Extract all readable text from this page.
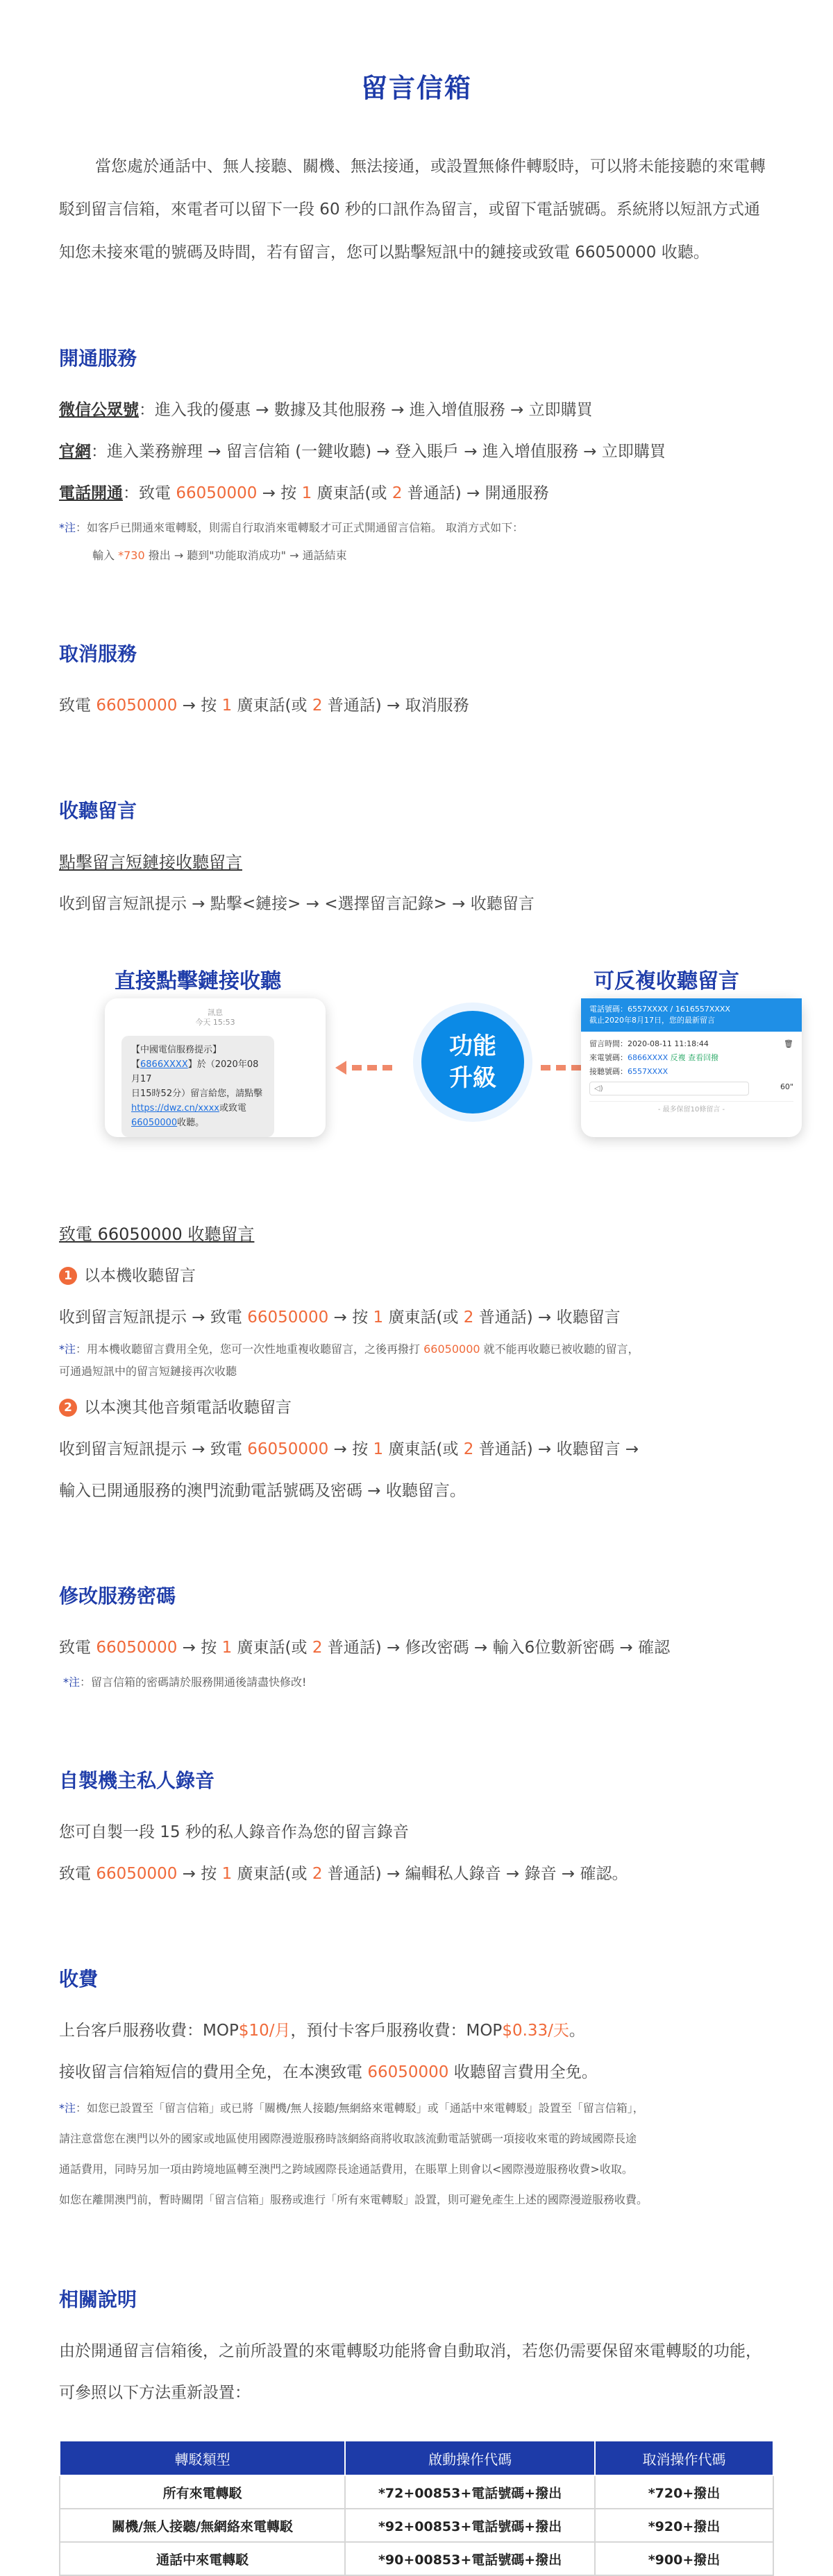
留言信箱

當您處於通話中、無人接聽、關機、無法接通，或設置無條件轉駁時，可以將未能接聽的來電轉駁到留言信箱，來電者可以留下一段 60 秒的口訊作為留言，或留下電話號碼。系統將以短訊方式通知您未接來電的號碼及時間，若有留言，您可以點擊短訊中的鏈接或致電 66050000 收聽。

開通服務
微信公眾號：進入我的優惠 → 數據及其他服務 → 進入增值服務 → 立即購買
官網：進入業務辦理 → 留言信箱 (一鍵收聽) → 登入賬戶 → 進入增值服務 → 立即購買
電話開通：致電 66050000 → 按 1 廣東話(或 2 普通話) → 開通服務
*注：如客戶已開通來電轉駁，則需自行取消來電轉駁才可正式開通留言信箱。 取消方式如下：
輸入 *730 撥出 → 聽到"功能取消成功" → 通話結束
取消服務
致電 66050000 → 按 1 廣東話(或 2 普通話) → 取消服務
收聽留言
點擊留言短鏈接收聽留言
收到留言短訊提示 → 點擊<鏈接> → <選擇留言記錄> → 收聽留言
直接點擊鏈接收聽	可反複收聽留言
訊息
今天 15:53
【中國電信服務提示】
【6866XXXX】於（2020年08月17
日15時52分）留言給您，請點擊
https://dwz.cn/xxxx或致電
66050000收聽。
功能
升級
電話號碼：6557XXXX / 1616557XXXX
截止2020年8月17日，您的最新留言
留言時間：2020-08-11 11:18:44	🗑
來電號碼：6866XXXX 反複 查看回撥
接聽號碼：6557XXXX
◁)	60"
- 最多保留10條留言 -
致電 66050000 收聽留言
1 以本機收聽留言
收到留言短訊提示 → 致電 66050000 → 按 1 廣東話(或 2 普通話) → 收聽留言
*注：用本機收聽留言費用全免，您可一次性地重複收聽留言，之後再撥打 66050000 就不能再收聽已被收聽的留言，
可通過短訊中的留言短鏈接再次收聽
2 以本澳其他音頻電話收聽留言
收到留言短訊提示 → 致電 66050000 → 按 1 廣東話(或 2 普通話) → 收聽留言 →
輸入已開通服務的澳門流動電話號碼及密碼 → 收聽留言。
修改服務密碼
致電 66050000 → 按 1 廣東話(或 2 普通話) → 修改密碼 → 輸入6位數新密碼 → 確認
*注：留言信箱的密碼請於服務開通後請盡快修改!
自製機主私人錄音
您可自製一段 15 秒的私人錄音作為您的留言錄音
致電 66050000 → 按 1 廣東話(或 2 普通話) → 編輯私人錄音 → 錄音 → 確認。
收費
上台客戶服務收費：MOP$10/月，預付卡客戶服務收費：MOP$0.33/天。
接收留言信箱短信的費用全免，在本澳致電 66050000 收聽留言費用全免。
*注：如您已設置至「留言信箱」或已將「關機/無人接聽/無網絡來電轉駁」或「通話中來電轉駁」設置至「留言信箱」，
請注意當您在澳門以外的國家或地區使用國際漫遊服務時該網絡商將收取該流動電話號碼一項接收來電的跨域國際長途
通話費用，同時另加一項由跨境地區轉至澳門之跨域國際長途通話費用，在賬單上則會以<國際漫遊服務收費>收取。
如您在離開澳門前，暫時關閉「留言信箱」服務或進行「所有來電轉駁」設置，則可避免產生上述的國際漫遊服務收費。
相關說明
由於開通留言信箱後，之前所設置的來電轉駁功能將會自動取消，若您仍需要保留來電轉駁的功能，可參照以下方法重新設置：
轉駁類型	啟動操作代碼	取消操作代碼
所有來電轉駁	*72+00853+電話號碼+撥出	*720+撥出
關機/無人接聽/無網絡來電轉駁	*92+00853+電話號碼+撥出	*920+撥出
通話中來電轉駁	*90+00853+電話號碼+撥出	*900+撥出
